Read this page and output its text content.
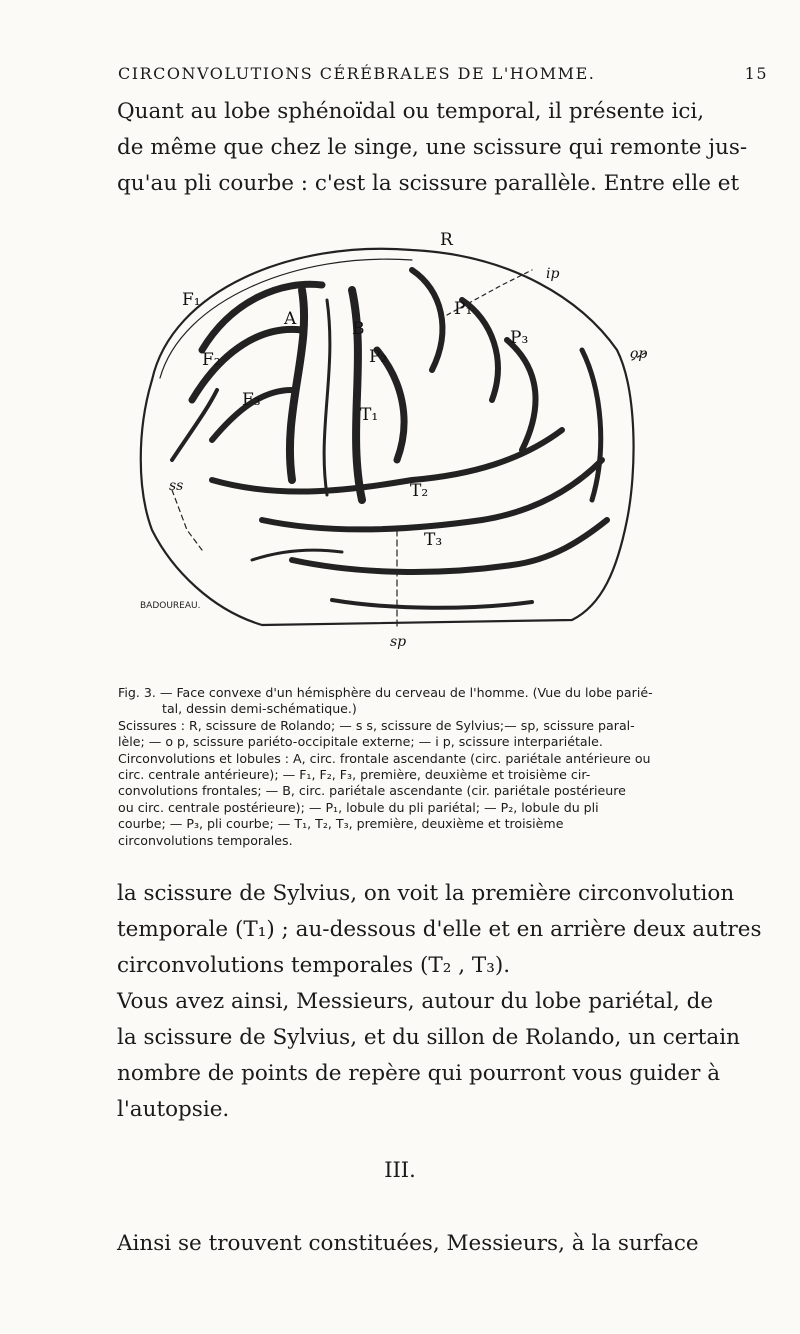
CIRCONVOLUTIONS CÉRÉBRALES DE L'HOMME.	15
Quant au lobe sphénoïdal ou temporal, il présente ici,
de même que chez le singe, une scissure qui remonte jus-
qu'au pli courbe : c'est la scissure parallèle. Entre elle et
R
F₁
F₂
F₃
A	B
P₁
P₂
P₃
T₁
T₂
T₃
ip
op
ss
sp
BADOUREAU.
Fig. 3. — Face convexe d'un hémisphère du cerveau de l'homme. (Vue du lobe parié-
tal, dessin demi-schématique.)
Scissures : R, scissure de Rolando; — s s, scissure de Sylvius;— sp, scissure paral-
lèle; — o p, scissure pariéto-occipitale externe; — i p, scissure interpariétale.
Circonvolutions et lobules : A, circ. frontale ascendante (circ. pariétale antérieure ou
circ. centrale antérieure); — F₁, F₂, F₃, première, deuxième et troisième cir-
convolutions frontales; — B, circ. pariétale ascendante (cir. pariétale postérieure
ou circ. centrale postérieure); — P₁, lobule du pli pariétal; — P₂, lobule du pli
courbe; — P₃, pli courbe; — T₁, T₂, T₃, première, deuxième et troisième
circonvolutions temporales.
la scissure de Sylvius, on voit la première circonvolution
temporale (T₁) ; au-dessous d'elle et en arrière deux autres
circonvolutions temporales (T₂ , T₃).
Vous avez ainsi, Messieurs, autour du lobe pariétal, de
la scissure de Sylvius, et du sillon de Rolando, un certain
nombre de points de repère qui pourront vous guider à
l'autopsie.
III.
Ainsi se trouvent constituées, Messieurs, à la surface
